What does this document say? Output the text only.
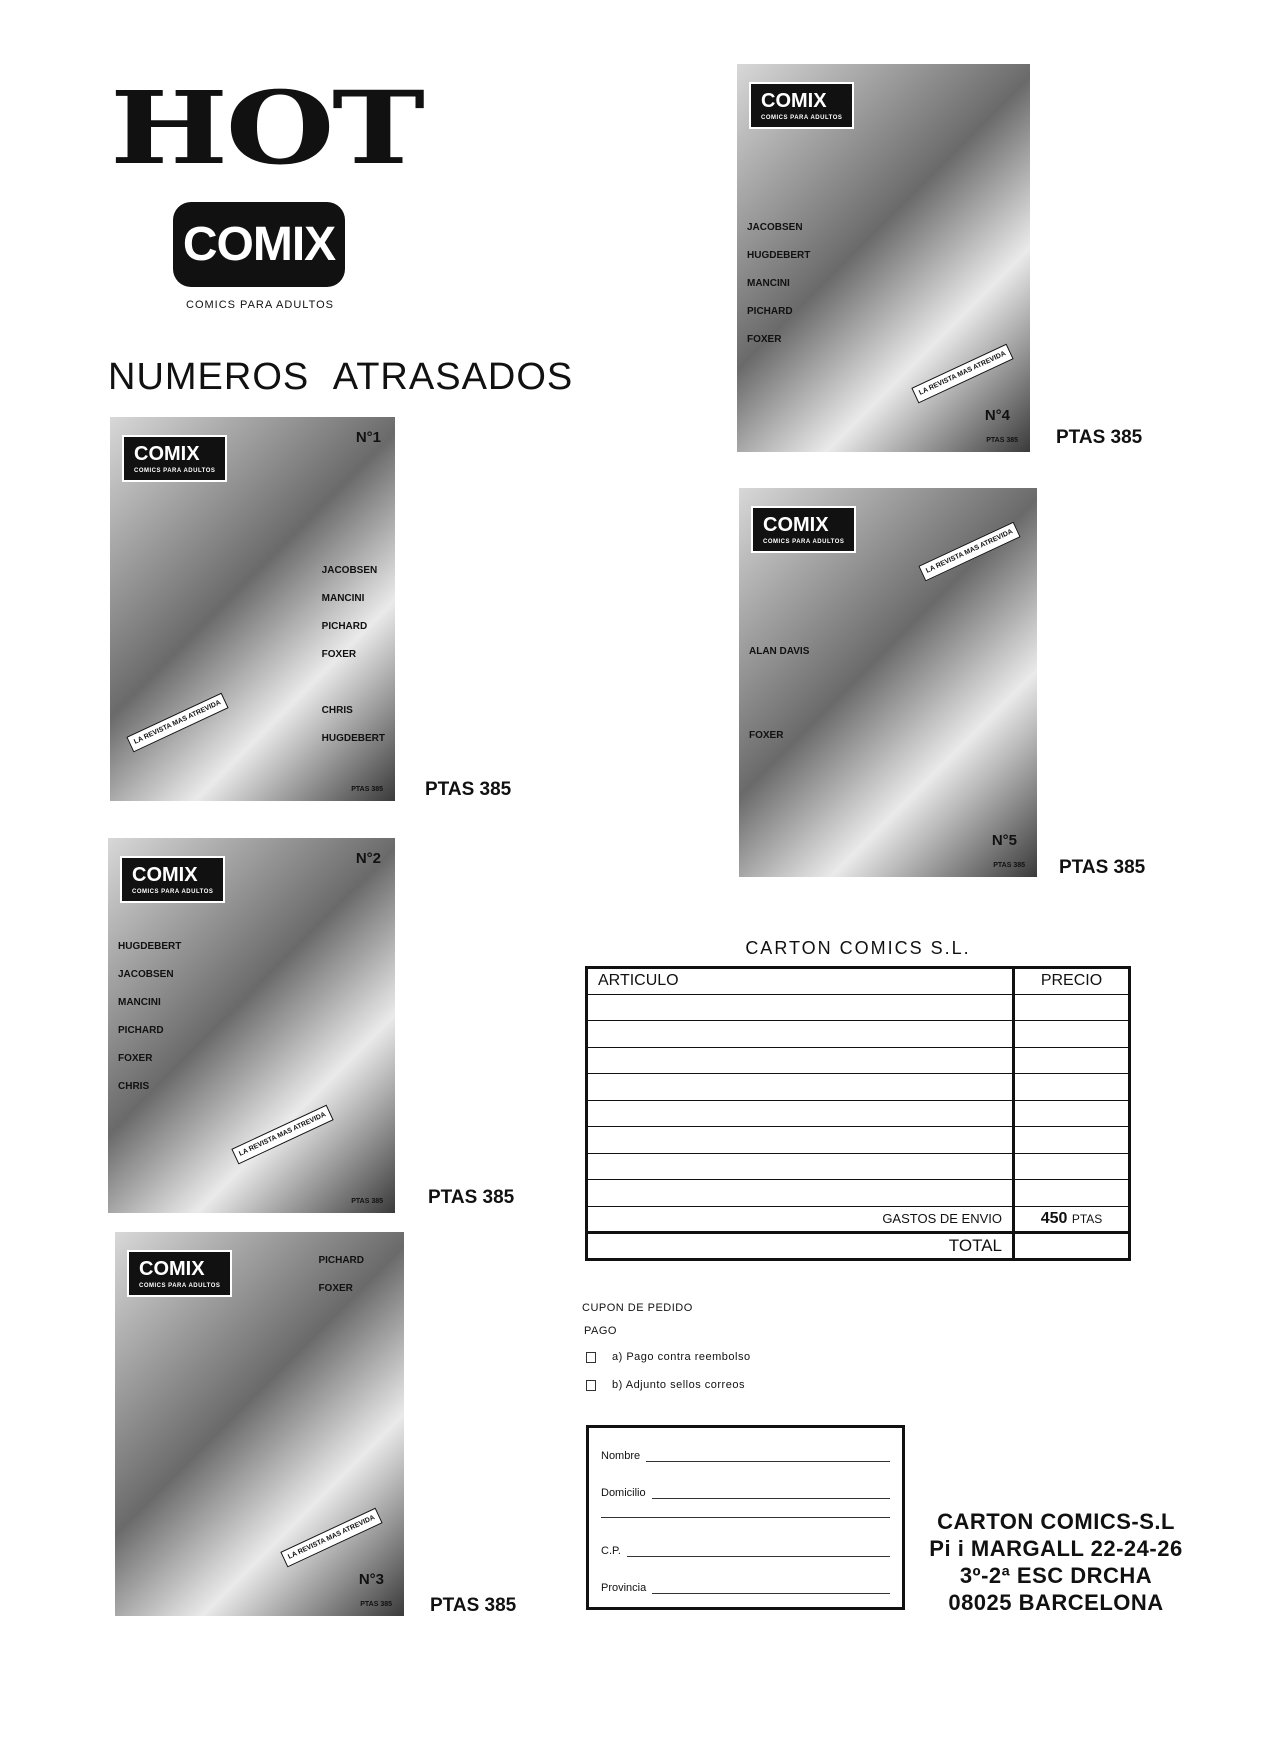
HOT
COMIX
COMICS PARA ADULTOS
NUMEROS ATRASADOS
COMIX
COMICS PARA ADULTOS
LA REVISTA MAS ATREVIDA
JACOBSEN
MANCINI
PICHARD
FOXER
CHRIS
HUGDEBERT
N°1
PTAS 385 PTAS 385
COMIX
COMICS PARA ADULTOS
LA REVISTA MAS ATREVIDA
HUGDEBERT
JACOBSEN
MANCINI
PICHARD
FOXER
CHRIS
N°2
PTAS 385 PTAS 385
COMIX
COMICS PARA ADULTOS
LA REVISTA MAS ATREVIDA
PICHARD
FOXER
N°3
PTAS 385 PTAS 385
COMIX
COMICS PARA ADULTOS
LA REVISTA MAS ATREVIDA
JACOBSEN
HUGDEBERT
MANCINI
PICHARD
FOXER
N°4
PTAS 385 PTAS 385
COMIX
COMICS PARA ADULTOS	LA REVISTA MAS ATREVIDA
ALAN DAVIS
FOXER
N°5
PTAS 385 PTAS 385
CARTON COMICS S.L.
ARTICULO	PRECIO

GASTOS DE ENVIO	450 PTAS
TOTAL	
CUPON DE PEDIDO
PAGO
a) Pago contra reembolso
b) Adjunto sellos correos
Nombre
Domicilio
C.P.
Provincia
CARTON COMICS-S.L
Pi i MARGALL 22-24-26
3º-2ª ESC DRCHA
08025 BARCELONA
